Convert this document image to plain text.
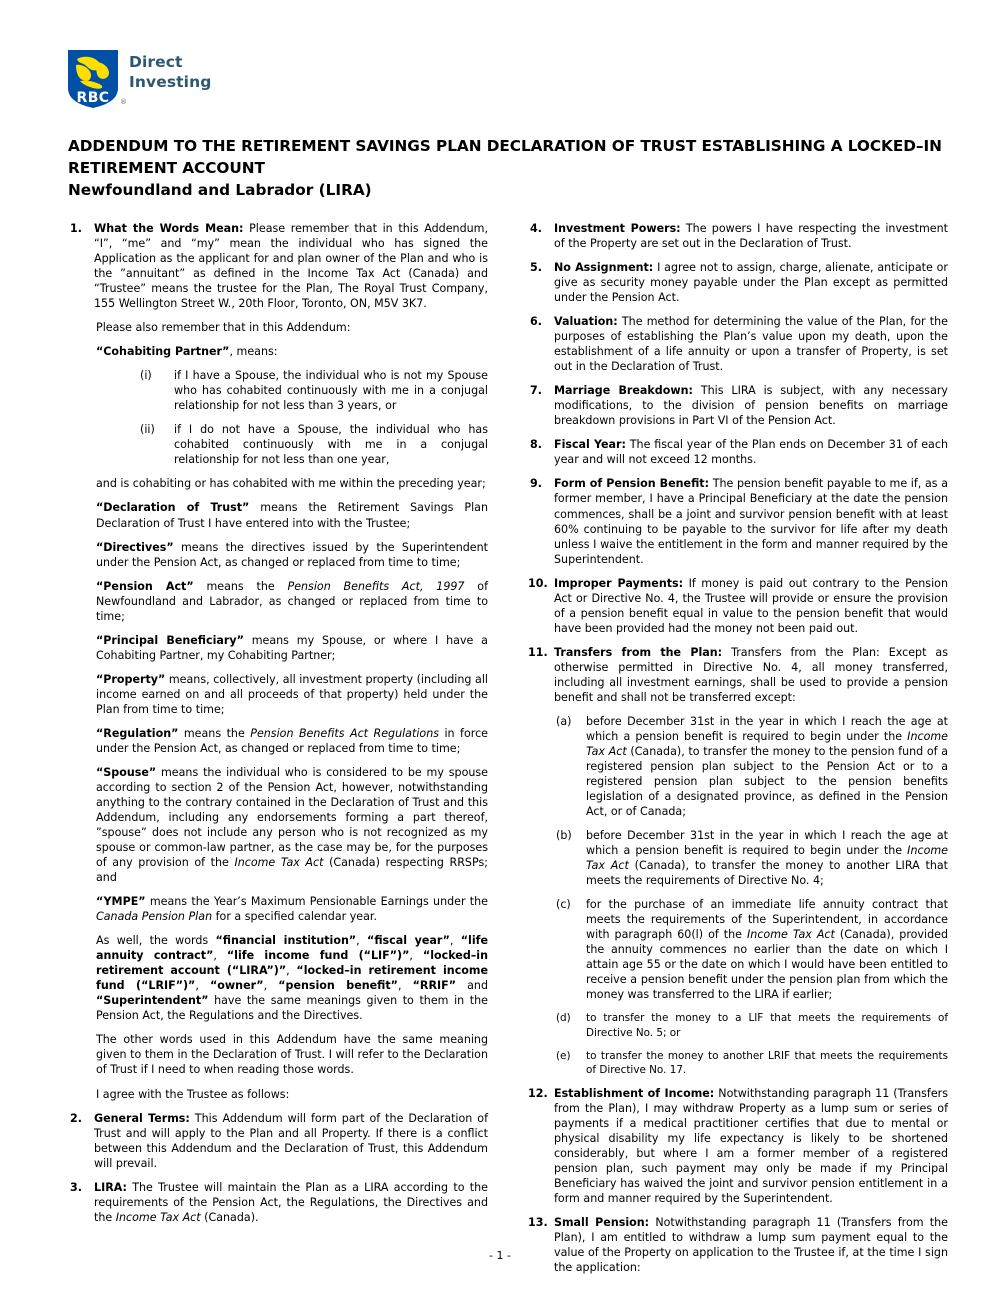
RBC ®
Direct
Investing
ADDENDUM TO THE RETIREMENT SAVINGS PLAN DECLARATION OF TRUST ESTABLISHING A LOCKED–IN RETIREMENT ACCOUNT
Newfoundland and Labrador (LIRA)
1.	What the Words Mean: Please remember that in this Addendum, “I”, “me” and “my” mean the individual who has signed the Application as the applicant for and plan owner of the Plan and who is the ”annuitant” as defined in the Income Tax Act (Canada) and “Trustee” means the trustee for the Plan, The Royal Trust Company, 155 Wellington Street W., 20th Floor, Toronto, ON, M5V 3K7.

Please also remember that in this Addendum:

“Cohabiting Partner”, means:

(i)	if I have a Spouse, the individual who is not my Spouse who has cohabited continuously with me in a conjugal relationship for not less than 3 years, or
(ii)	if I do not have a Spouse, the individual who has cohabited continuously with me in a conjugal relationship for not less than one year,

and is cohabiting or has cohabited with me within the preceding year;

“Declaration of Trust” means the Retirement Savings Plan Declaration of Trust I have entered into with the Trustee;

“Directives” means the directives issued by the Superintendent under the Pension Act, as changed or replaced from time to time;

“Pension Act” means the Pension Benefits Act, 1997 of Newfoundland and Labrador, as changed or replaced from time to time;

“Principal Beneficiary” means my Spouse, or where I have a Cohabiting Partner, my Cohabiting Partner;

“Property” means, collectively, all investment property (including all income earned on and all proceeds of that property) held under the Plan from time to time;

“Regulation” means the Pension Benefits Act Regulations in force under the Pension Act, as changed or replaced from time to time;

“Spouse” means the individual who is considered to be my spouse according to section 2 of the Pension Act, however, notwithstanding anything to the contrary contained in the Declaration of Trust and this Addendum, including any endorsements forming a part thereof, ”spouse” does not include any person who is not recognized as my spouse or common-law partner, as the case may be, for the purposes of any provision of the Income Tax Act (Canada) respecting RRSPs; and

“YMPE” means the Year’s Maximum Pensionable Earnings under the Canada Pension Plan for a specified calendar year.

As well, the words “financial institution”, “fiscal year”, “life annuity contract”, “life income fund (“LIF”)”, “locked–in retirement account (“LIRA”)”, “locked–in retirement income fund (“LRIF”)”, “owner”, “pension benefit”, “RRIF” and “Superintendent” have the same meanings given to them in the Pension Act, the Regulations and the Directives.

The other words used in this Addendum have the same meaning given to them in the Declaration of Trust. I will refer to the Declaration of Trust if I need to when reading those words.

I agree with the Trustee as follows:

2.	General Terms: This Addendum will form part of the Declaration of Trust and will apply to the Plan and all Property. If there is a conflict between this Addendum and the Declaration of Trust, this Addendum will prevail.
3.	LIRA: The Trustee will maintain the Plan as a LIRA according to the requirements of the Pension Act, the Regulations, the Directives and the Income Tax Act (Canada).
4.	Investment Powers: The powers I have respecting the investment of the Property are set out in the Declaration of Trust.
5.	No Assignment: I agree not to assign, charge, alienate, anticipate or give as security money payable under the Plan except as permitted under the Pension Act.
6.	Valuation: The method for determining the value of the Plan, for the purposes of establishing the Plan’s value upon my death, upon the establishment of a life annuity or upon a transfer of Property, is set out in the Declaration of Trust.
7.	Marriage Breakdown: This LIRA is subject, with any necessary modifications, to the division of pension benefits on marriage breakdown provisions in Part VI of the Pension Act.
8.	Fiscal Year: The fiscal year of the Plan ends on December 31 of each year and will not exceed 12 months.
9.	Form of Pension Benefit: The pension benefit payable to me if, as a former member, I have a Principal Beneficiary at the date the pension commences, shall be a joint and survivor pension benefit with at least 60% continuing to be payable to the survivor for life after my death unless I waive the entitlement in the form and manner required by the Superintendent.
10. Improper Payments: If money is paid out contrary to the Pension Act or Directive No. 4, the Trustee will provide or ensure the provision of a pension benefit equal in value to the pension benefit that would have been provided had the money not been paid out.
11. Transfers from the Plan: Transfers from the Plan: Except as otherwise permitted in Directive No. 4, all money transferred, including all investment earnings, shall be used to provide a pension benefit and shall not be transferred except:
(a)	before December 31st in the year in which I reach the age at which a pension benefit is required to begin under the Income Tax Act (Canada), to transfer the money to the pension fund of a registered pension plan subject to the Pension Act or to a registered pension plan subject to the pension benefits legislation of a designated province, as defined in the Pension Act, or of Canada;
(b)	before December 31st in the year in which I reach the age at which a pension benefit is required to begin under the Income Tax Act (Canada), to transfer the money to another LIRA that meets the requirements of Directive No. 4;
(c)	for the purchase of an immediate life annuity contract that meets the requirements of the Superintendent, in accordance with paragraph 60(l) of the Income Tax Act (Canada), provided the annuity commences no earlier than the date on which I attain age 55 or the date on which I would have been entitled to receive a pension benefit under the pension plan from which the money was transferred to the LIRA if earlier;
(d)	to transfer the money to a LIF that meets the requirements of Directive No. 5; or
(e)	to transfer the money to another LRIF that meets the requirements of Directive No. 17.
12. Establishment of Income: Notwithstanding paragraph 11 (Transfers from the Plan), I may withdraw Property as a lump sum or series of payments if a medical practitioner certifies that due to mental or physical disability my life expectancy is likely to be shortened considerably, but where I am a former member of a registered pension plan, such payment may only be made if my Principal Beneficiary has waived the joint and survivor pension entitlement in a form and manner required by the Superintendent.
13. Small Pension: Notwithstanding paragraph 11 (Transfers from the Plan), I am entitled to withdraw a lump sum payment equal to the value of the Property on application to the Trustee if, at the time I sign the application:
- 1 -
